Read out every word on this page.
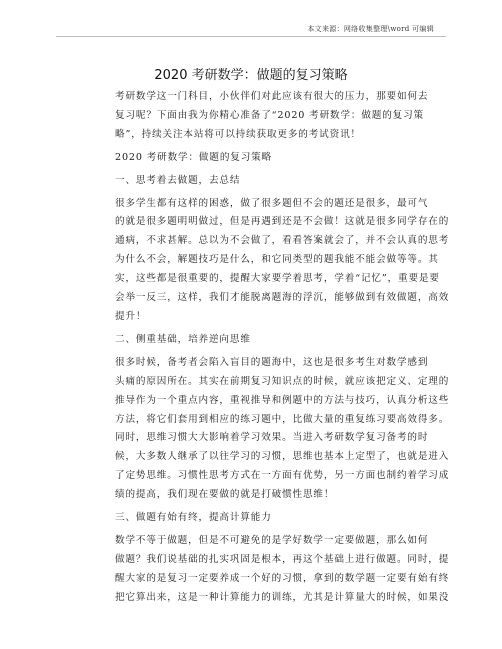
本文来源：网络收集整理\word 可编辑
2020 考研数学：做题的复习策略

考研数学这一门科目，小伙伴们对此应该有很大的压力，那要如何去
复习呢？下面由我为你精心准备了“2020 考研数学：做题的复习策
略”，持续关注本站将可以持续获取更多的考试资讯！

2020 考研数学：做题的复习策略

一、思考着去做题，去总结

很多学生都有这样的困惑，做了很多题但不会的题还是很多，最可气
的就是很多题明明做过，但是再遇到还是不会做！这就是很多同学存在的
通病，不求甚解。总以为不会做了，看看答案就会了，并不会认真的思考
为什么不会，解题技巧是什么，和它同类型的题我能不能会做等等。其
实，这些都是很重要的，提醒大家要学着思考，学着“记忆”，重要是要
会举一反三，这样，我们才能脱离题海的浮沉，能够做到有效做题，高效
提升！

二、侧重基础，培养逆向思维

很多时候，备考者会陷入盲目的题海中，这也是很多考生对数学感到
头痛的原因所在。其实在前期复习知识点的时候，就应该把定义、定理的
推导作为一个重点内容，重视推导和例题中的方法与技巧，认真分析这些
方法，将它们套用到相应的练习题中，比做大量的重复练习要高效得多。

同时，思维习惯大大影响着学习效果。当进入考研数学复习备考的时
候，大多数人继承了以往学习的习惯，思维也基本上定型了，也就是进入
了定势思维。习惯性思考方式在一方面有优势，另一方面也制约着学习成
绩的提高，我们现在要做的就是打破惯性思维！

三、做题有始有终，提高计算能力

数学不等于做题，但是不可避免的是学好数学一定要做题，那么如何
做题？我们说基础的扎实巩固是根本，再这个基础上进行做题。同时，提
醒大家的是复习一定要养成一个好的习惯，拿到的数学题一定要有始有终
把它算出来，这是一种计算能力的训练，尤其是计算量大的时候，如果没
